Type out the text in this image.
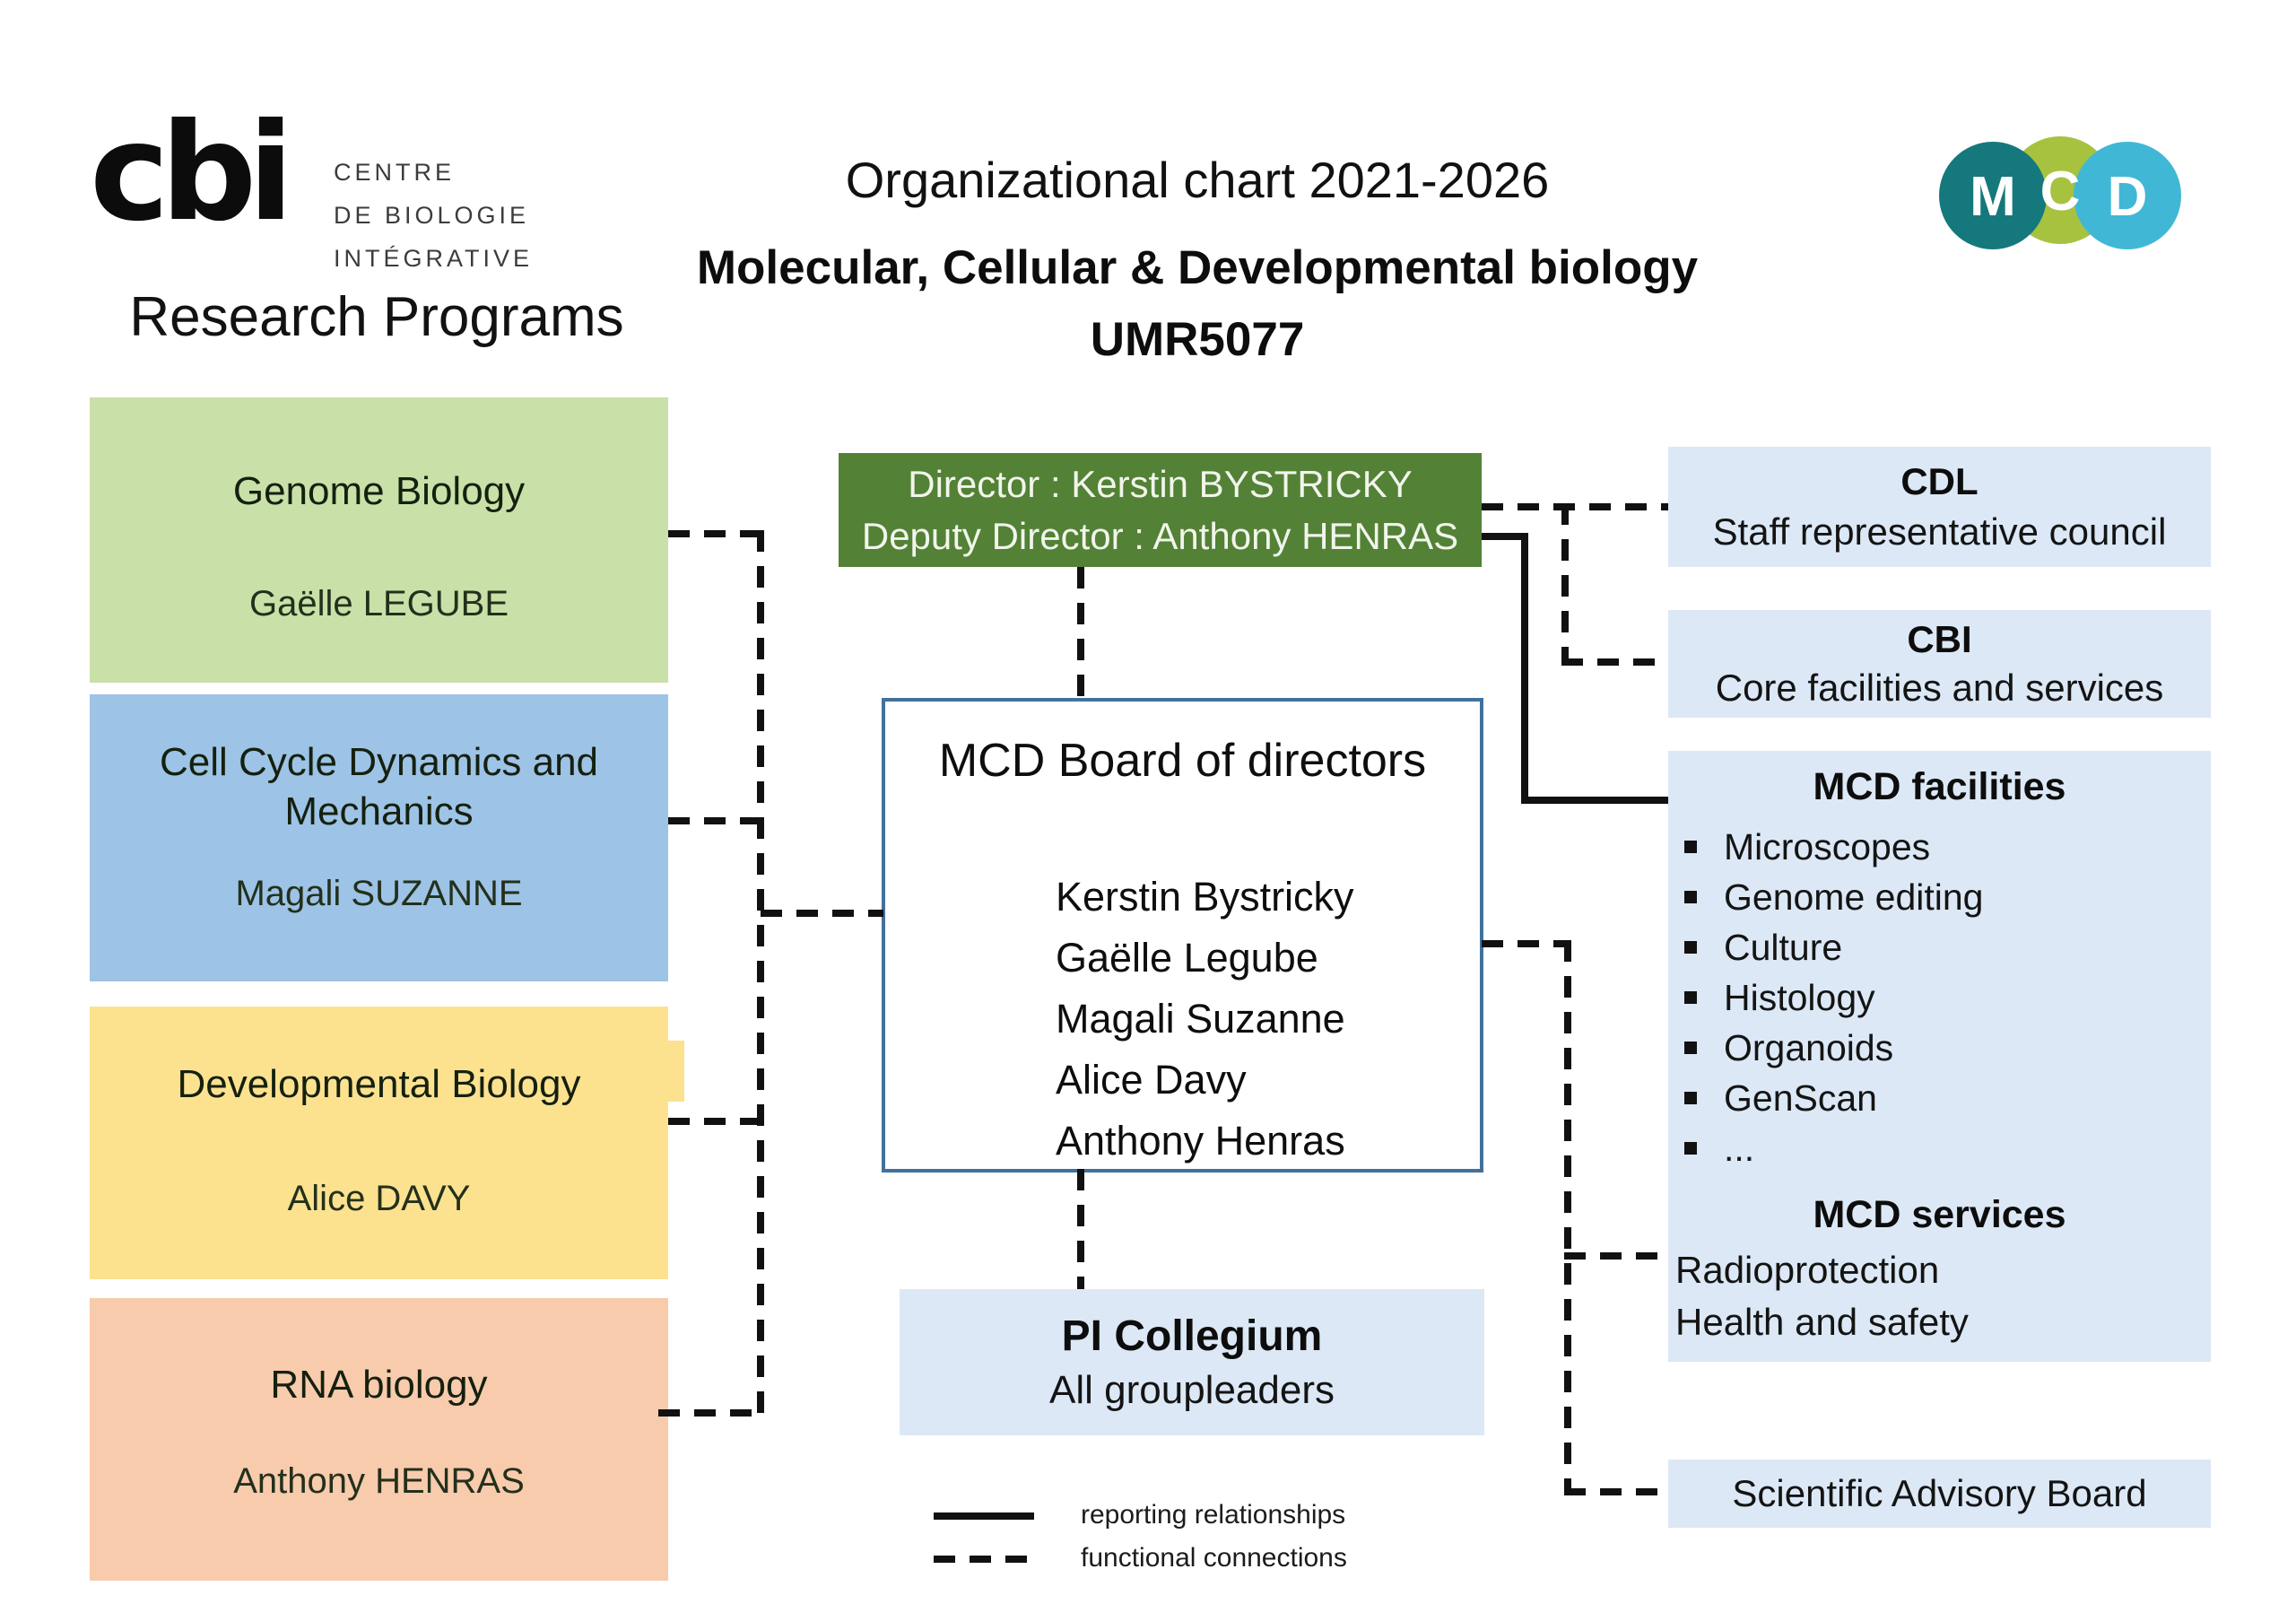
cbi CENTRE
DE BIOLOGIE
INTÉGRATIVE
Organizational chart 2021-2026
Molecular, Cellular & Developmental biology
UMR5077
M C D
Research Programs
Genome Biology
Gaëlle LEGUBE
Cell Cycle Dynamics and Mechanics
Magali SUZANNE
Developmental Biology
Alice DAVY
RNA biology
Anthony HENRAS
Director : Kerstin BYSTRICKY
Deputy Director : Anthony HENRAS
MCD Board of directors
Kerstin Bystricky
Gaëlle Legube
Magali Suzanne
Alice Davy
Anthony Henras
PI Collegium
All groupleaders
CDL
Staff representative council
CBI
Core facilities and services
MCD facilities
Microscopes
Genome editing
Culture
Histology
Organoids
GenScan
...
MCD services
Radioprotection
Health and safety
Scientific Advisory Board
reporting relationships
functional connections
